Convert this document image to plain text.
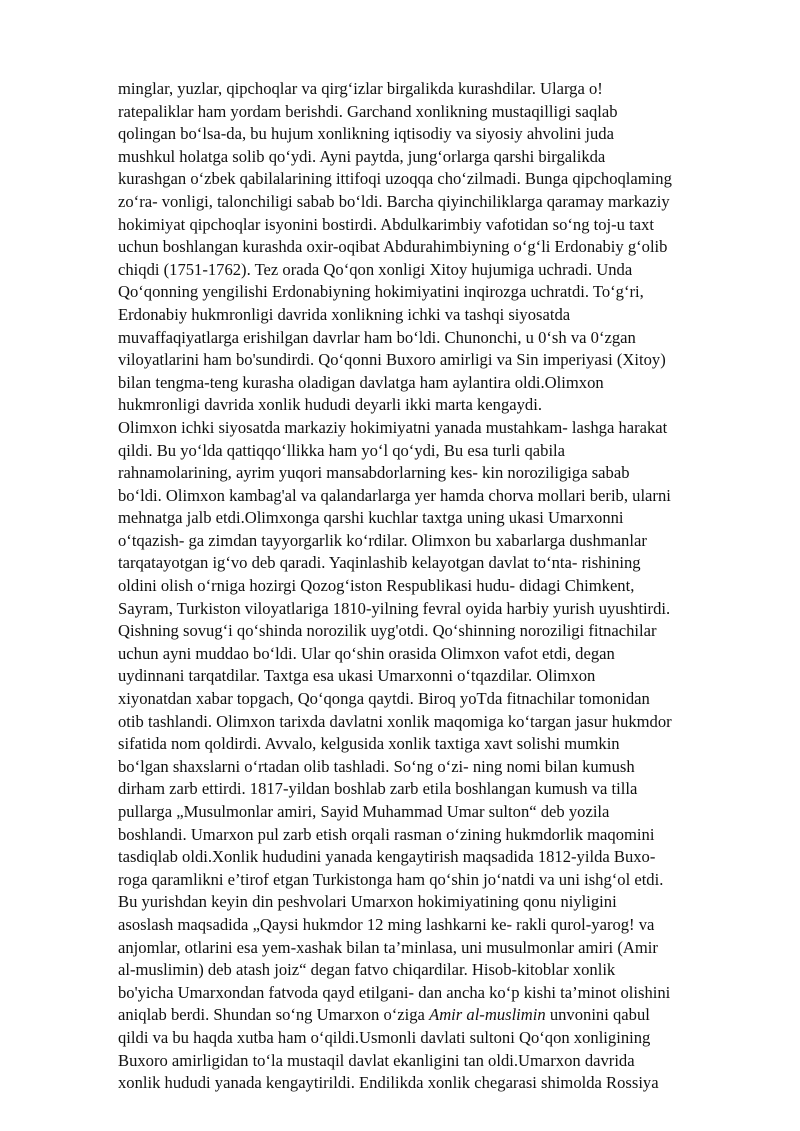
minglar, yuzlar, qipchoqlar va qirg‘izlar birgalikda kurashdilar. Ularga o!
ratepaliklar ham yordam berishdi. Garchand xonlikning mustaqilligi saqlab
qolingan bo‘lsa-da, bu hujum xonlikning iqtisodiy va siyosiy ahvolini juda
mushkul holatga solib qo‘ydi. Ayni paytda, jung‘orlarga qarshi birgalikda
kurashgan o‘zbek qabilalarining ittifoqi uzoqqa cho‘zilmadi. Bunga qipchoqlaming
zo‘ra- vonligi, talonchiligi sabab bo‘ldi. Barcha qiyinchiliklarga qaramay markaziy
hokimiyat qipchoqlar isyonini bostirdi. Abdulkarimbiy vafotidan so‘ng toj-u taxt
uchun boshlangan kurashda oxir-oqibat Abdurahimbiyning o‘g‘li Erdonabiy g‘olib
chiqdi (1751-1762). Tez orada Qo‘qon xonligi Xitoy hujumiga uchradi. Unda
Qo‘qonning yengilishi Erdonabiyning hokimiyatini inqirozga uchratdi. To‘g‘ri,
Erdonabiy hukmronligi davrida xonlikning ichki va tashqi siyosatda
muvaffaqiyatlarga erishilgan davrlar ham bo‘ldi. Chunonchi, u 0‘sh va 0‘zgan
viloyatlarini ham bo'sundirdi. Qo‘qonni Buxoro amirligi va Sin imperiyasi (Xitoy)
bilan tengma-teng kurasha oladigan davlatga ham aylantira oldi.Olimxon
hukmronligi davrida xonlik hududi deyarli ikki marta kengaydi.
Olimxon ichki siyosatda markaziy hokimiyatni yanada mustahkam- lashga harakat
qildi. Bu yo‘lda qattiqqo‘llikka ham yo‘l qo‘ydi, Bu esa turli qabila
rahnamolarining, ayrim yuqori mansabdorlarning kes- kin noroziligiga sabab
bo‘ldi. Olimxon kambag'al va qalandarlarga yer hamda chorva mollari berib, ularni
mehnatga jalb etdi.Olimxonga qarshi kuchlar taxtga uning ukasi Umarxonni
o‘tqazish- ga zimdan tayyorgarlik ko‘rdilar. Olimxon bu xabarlarga dushmanlar
tarqatayotgan ig‘vo deb qaradi. Yaqinlashib kelayotgan davlat to‘nta- rishining
oldini olish o‘rniga hozirgi Qozog‘iston Respublikasi hudu- didagi Chimkent,
Sayram, Turkiston viloyatlariga 1810-yilning fevral oyida harbiy yurish uyushtirdi.
Qishning sovug‘i qo‘shinda norozilik uyg'otdi. Qo‘shinning noroziligi fitnachilar
uchun ayni muddao bo‘ldi. Ular qo‘shin orasida Olimxon vafot etdi, degan
uydinnani tarqatdilar. Taxtga esa ukasi Umarxonni o‘tqazdilar. Olimxon
xiyonatdan xabar topgach, Qo‘qonga qaytdi. Biroq yoTda fitnachilar tomonidan
otib tashlandi. Olimxon tarixda davlatni xonlik maqomiga ko‘targan jasur hukmdor
sifatida nom qoldirdi. Avvalo, kelgusida xonlik taxtiga xavt solishi mumkin
bo‘lgan shaxslarni o‘rtadan olib tashladi. So‘ng o‘zi- ning nomi bilan kumush
dirham zarb ettirdi. 1817-yildan boshlab zarb etila boshlangan kumush va tilla
pullarga „Musulmonlar amiri, Sayid Muhammad Umar sulton“ deb yozila
boshlandi. Umarxon pul zarb etish orqali rasman o‘zining hukmdorlik maqomini
tasdiqlab oldi.Xonlik hududini yanada kengaytirish maqsadida 1812-yilda Buxo-
roga qaramlikni e’tirof etgan Turkistonga ham qo‘shin jo‘natdi va uni ishg‘ol etdi.
Bu yurishdan keyin din peshvolari Umarxon hokimiyatining qonu niyligini
asoslash maqsadida „Qaysi hukmdor 12 ming lashkarni ke- rakli qurol-yarog! va
anjomlar, otlarini esa yem-xashak bilan ta’minlasa, uni musulmonlar amiri (Amir
al-muslimin) deb atash joiz“ degan fatvo chiqardilar. Hisob-kitoblar xonlik
bo'yicha Umarxondan fatvoda qayd etilgani- dan ancha ko‘p kishi ta’minot olishini
aniqlab berdi. Shundan so‘ng Umarxon o‘ziga Amir al-muslimin unvonini qabul
qildi va bu haqda xutba ham o‘qildi.Usmonli davlati sultoni Qo‘qon xonligining
Buxoro amirligidan to‘la mustaqil davlat ekanligini tan oldi.Umarxon davrida
xonlik hududi yanada kengaytirildi. Endilikda xonlik chegarasi shimolda Rossiya
